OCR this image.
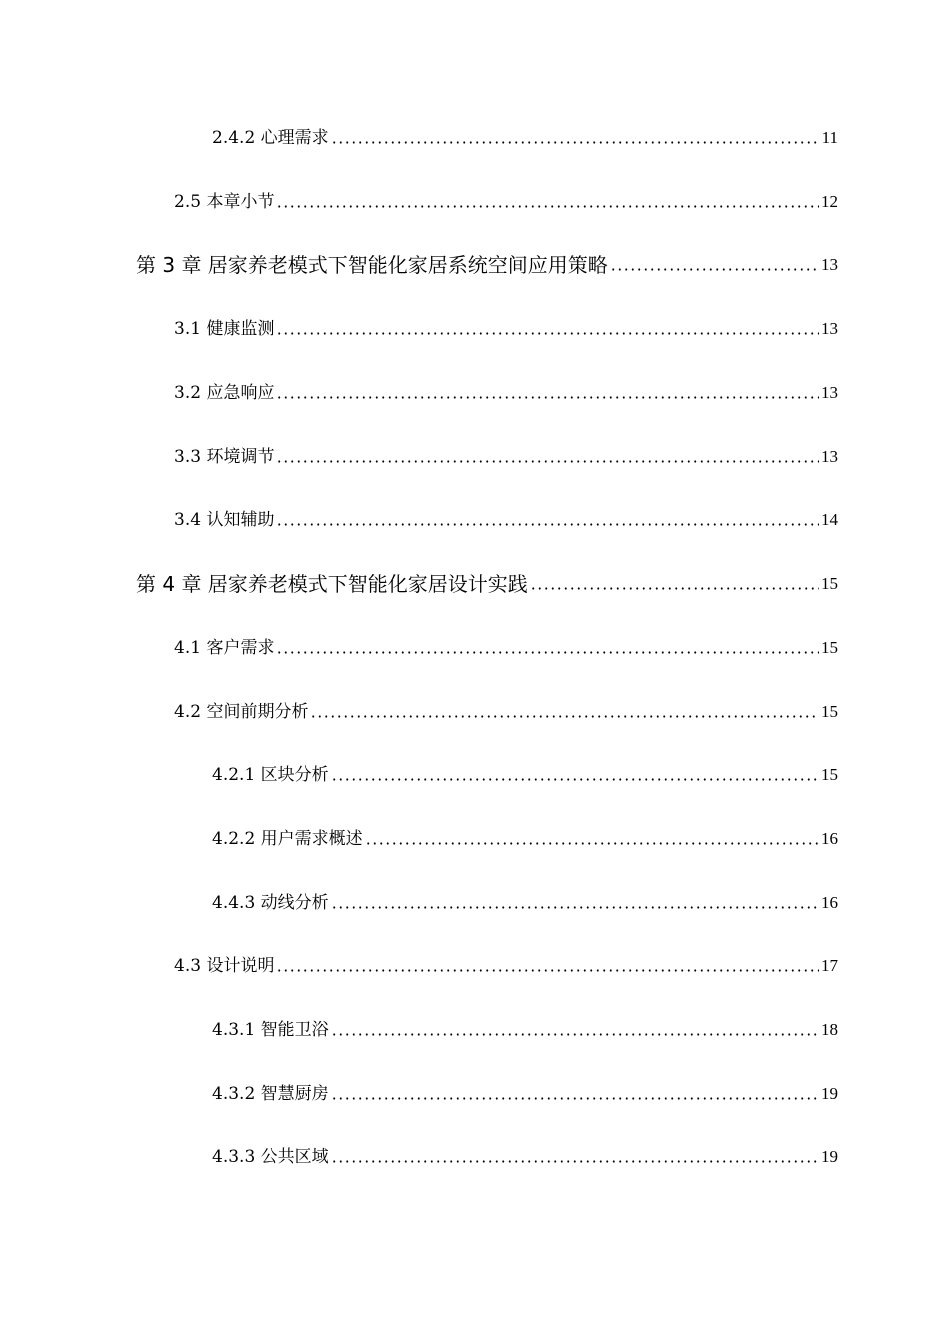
2.4.2 心理需求	11
2.5 本章小节	12
第 3 章 居家养老模式下智能化家居系统空间应用策略	13
3.1 健康监测	13
3.2 应急响应	13
3.3 环境调节	13
3.4 认知辅助	14
第 4 章 居家养老模式下智能化家居设计实践	15
4.1 客户需求	15
4.2 空间前期分析	15
4.2.1 区块分析	15
4.2.2 用户需求概述	16
4.4.3 动线分析	16
4.3 设计说明	17
4.3.1 智能卫浴	18
4.3.2 智慧厨房	19
4.3.3 公共区域	19
